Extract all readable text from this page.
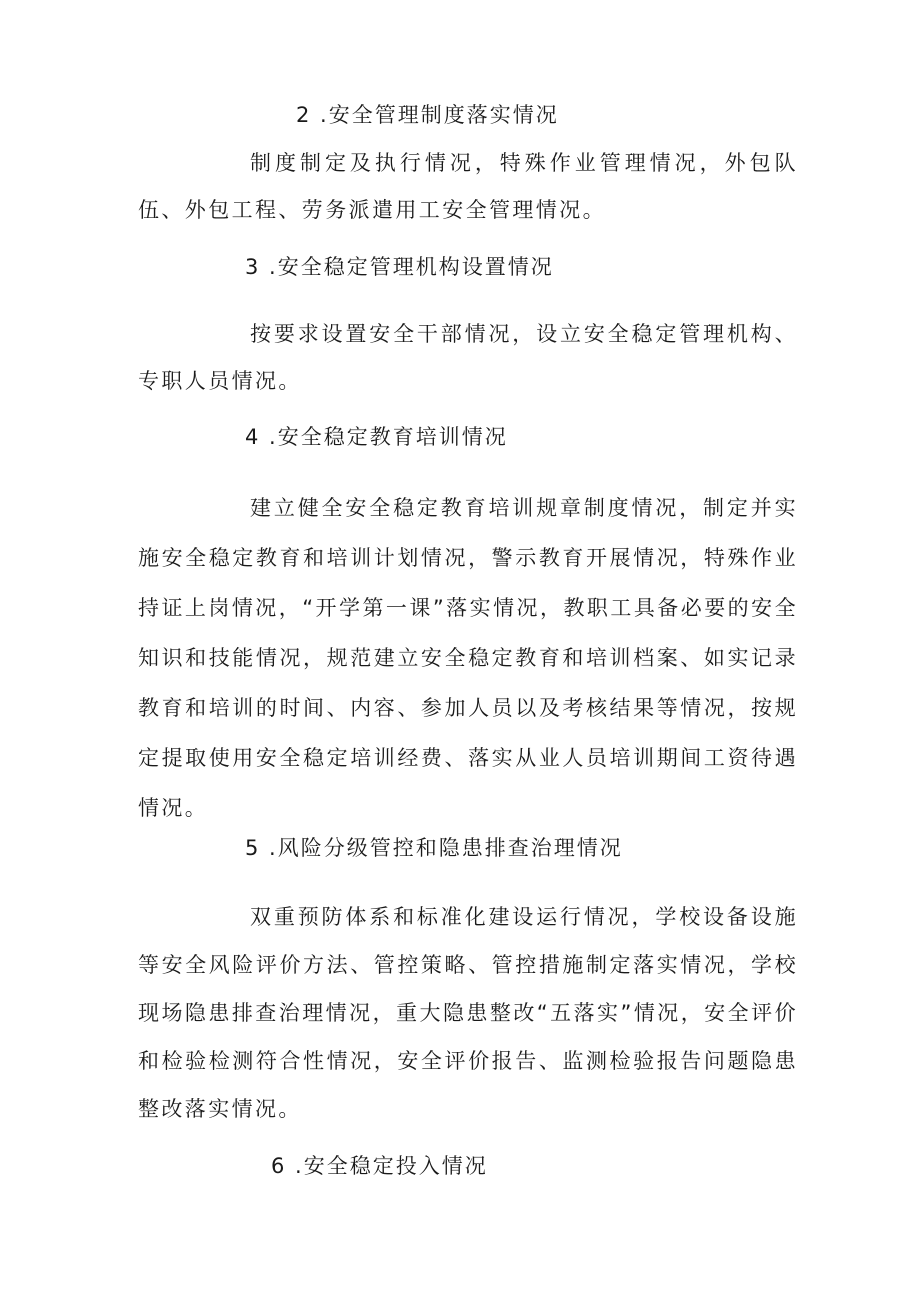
2 .安全管理制度落实情况

制度制定及执行情况，特殊作业管理情况，外包队伍、外包工程、劳务派遣用工安全管理情况。

3 .安全稳定管理机构设置情况

按要求设置安全干部情况，设立安全稳定管理机构、专职人员情况。

4 .安全稳定教育培训情况

建立健全安全稳定教育培训规章制度情况，制定并实施安全稳定教育和培训计划情况，警示教育开展情况，特殊作业持证上岗情况，“开学第一课”落实情况，教职工具备必要的安全知识和技能情况，规范建立安全稳定教育和培训档案、如实记录教育和培训的时间、内容、参加人员以及考核结果等情况，按规定提取使用安全稳定培训经费、落实从业人员培训期间工资待遇情况。

5 .风险分级管控和隐患排查治理情况

双重预防体系和标准化建设运行情况，学校设备设施等安全风险评价方法、管控策略、管控措施制定落实情况，学校现场隐患排查治理情况，重大隐患整改“五落实”情况，安全评价和检验检测符合性情况，安全评价报告、监测检验报告问题隐患整改落实情况。

6 .安全稳定投入情况
